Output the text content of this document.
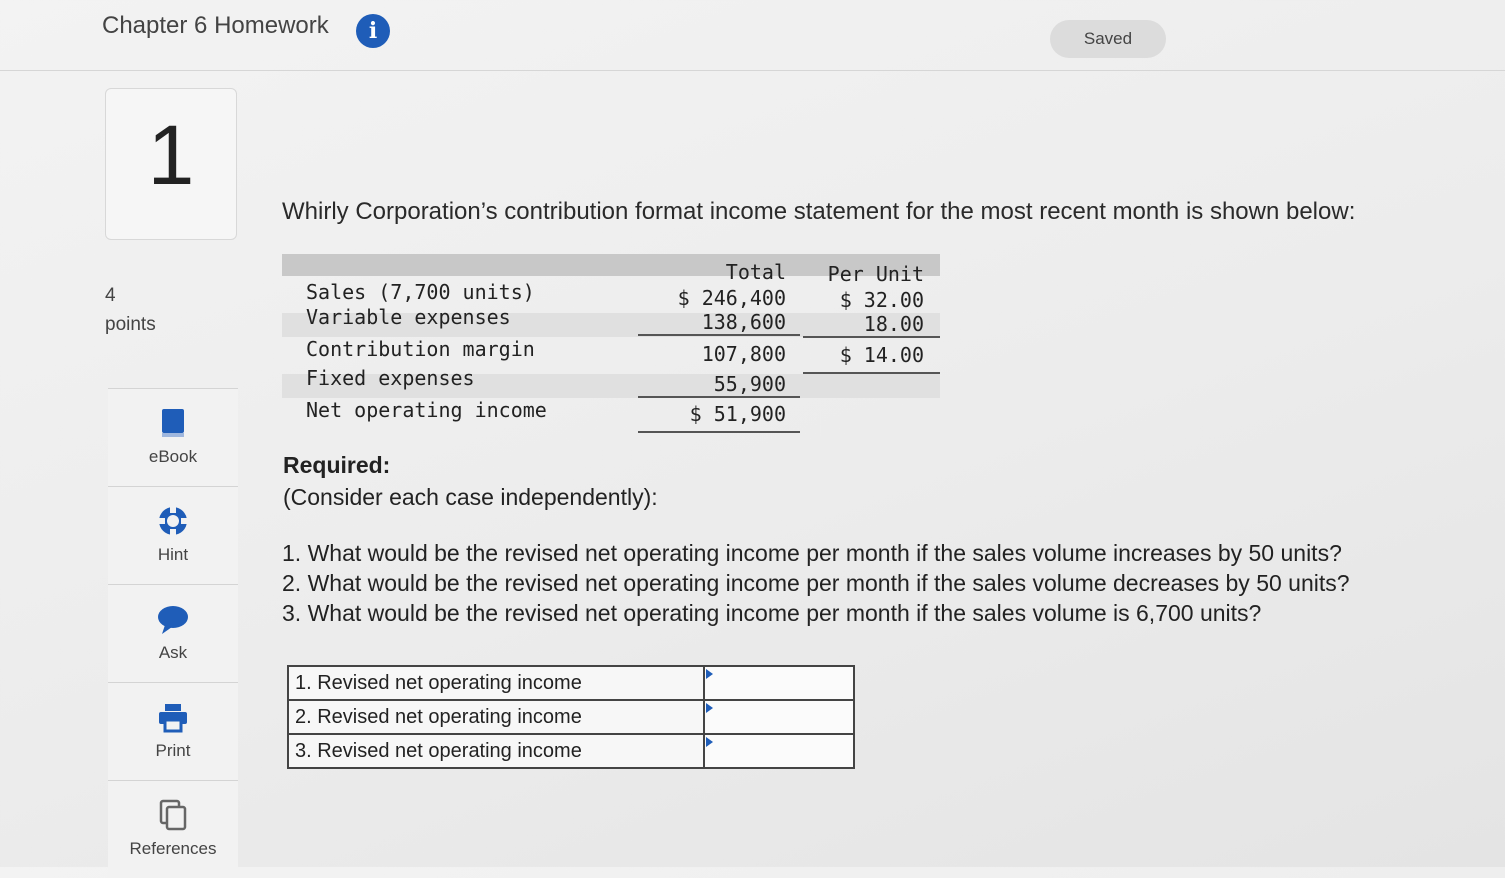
Chapter 6 Homework	i	Saved
1
4
points
eBook
Hint
Ask
Print
References
Whirly Corporation’s contribution format income statement for the most recent month is shown below:
Total Per Unit
Sales (7,700 units)	$ 246,400	$ 32.00
Variable expenses	138,600	18.00
Contribution margin	107,800	$ 14.00
Fixed expenses	55,900
Net operating income	$ 51,900
Required:
(Consider each case independently):
1. What would be the revised net operating income per month if the sales volume increases by 50 units?
2. What would be the revised net operating income per month if the sales volume decreases by 50 units?
3. What would be the revised net operating income per month if the sales volume is 6,700 units?
1. Revised net operating income	

2. Revised net operating income	

3. Revised net operating income	
